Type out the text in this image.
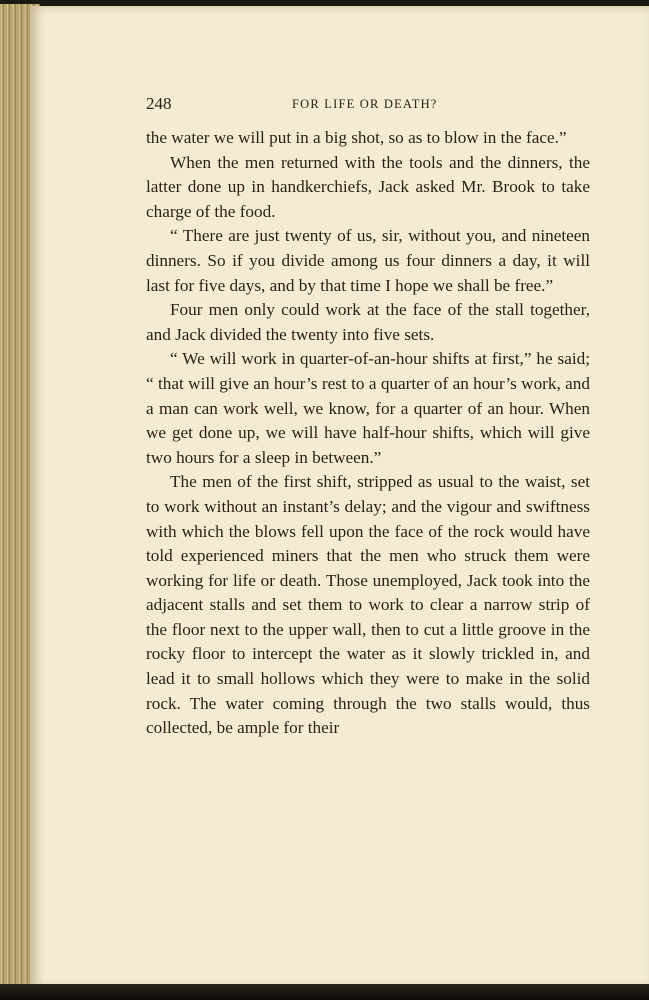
248	FOR LIFE OR DEATH?

the water we will put in a big shot, so as to blow in the face.”

When the men returned with the tools and the dinners, the latter done up in handkerchiefs, Jack asked Mr. Brook to take charge of the food.

“ There are just twenty of us, sir, without you, and nineteen dinners. So if you divide among us four dinners a day, it will last for five days, and by that time I hope we shall be free.”

Four men only could work at the face of the stall together, and Jack divided the twenty into five sets.

“ We will work in quarter-of-an-hour shifts at first,” he said; “ that will give an hour’s rest to a quarter of an hour’s work, and a man can work well, we know, for a quarter of an hour. When we get done up, we will have half-hour shifts, which will give two hours for a sleep in between.”

The men of the first shift, stripped as usual to the waist, set to work without an instant’s delay; and the vigour and swiftness with which the blows fell upon the face of the rock would have told experienced miners that the men who struck them were working for life or death. Those unemployed, Jack took into the adjacent stalls and set them to work to clear a narrow strip of the floor next to the upper wall, then to cut a little groove in the rocky floor to intercept the water as it slowly trickled in, and lead it to small hollows which they were to make in the solid rock. The water coming through the two stalls would, thus collected, be ample for their
